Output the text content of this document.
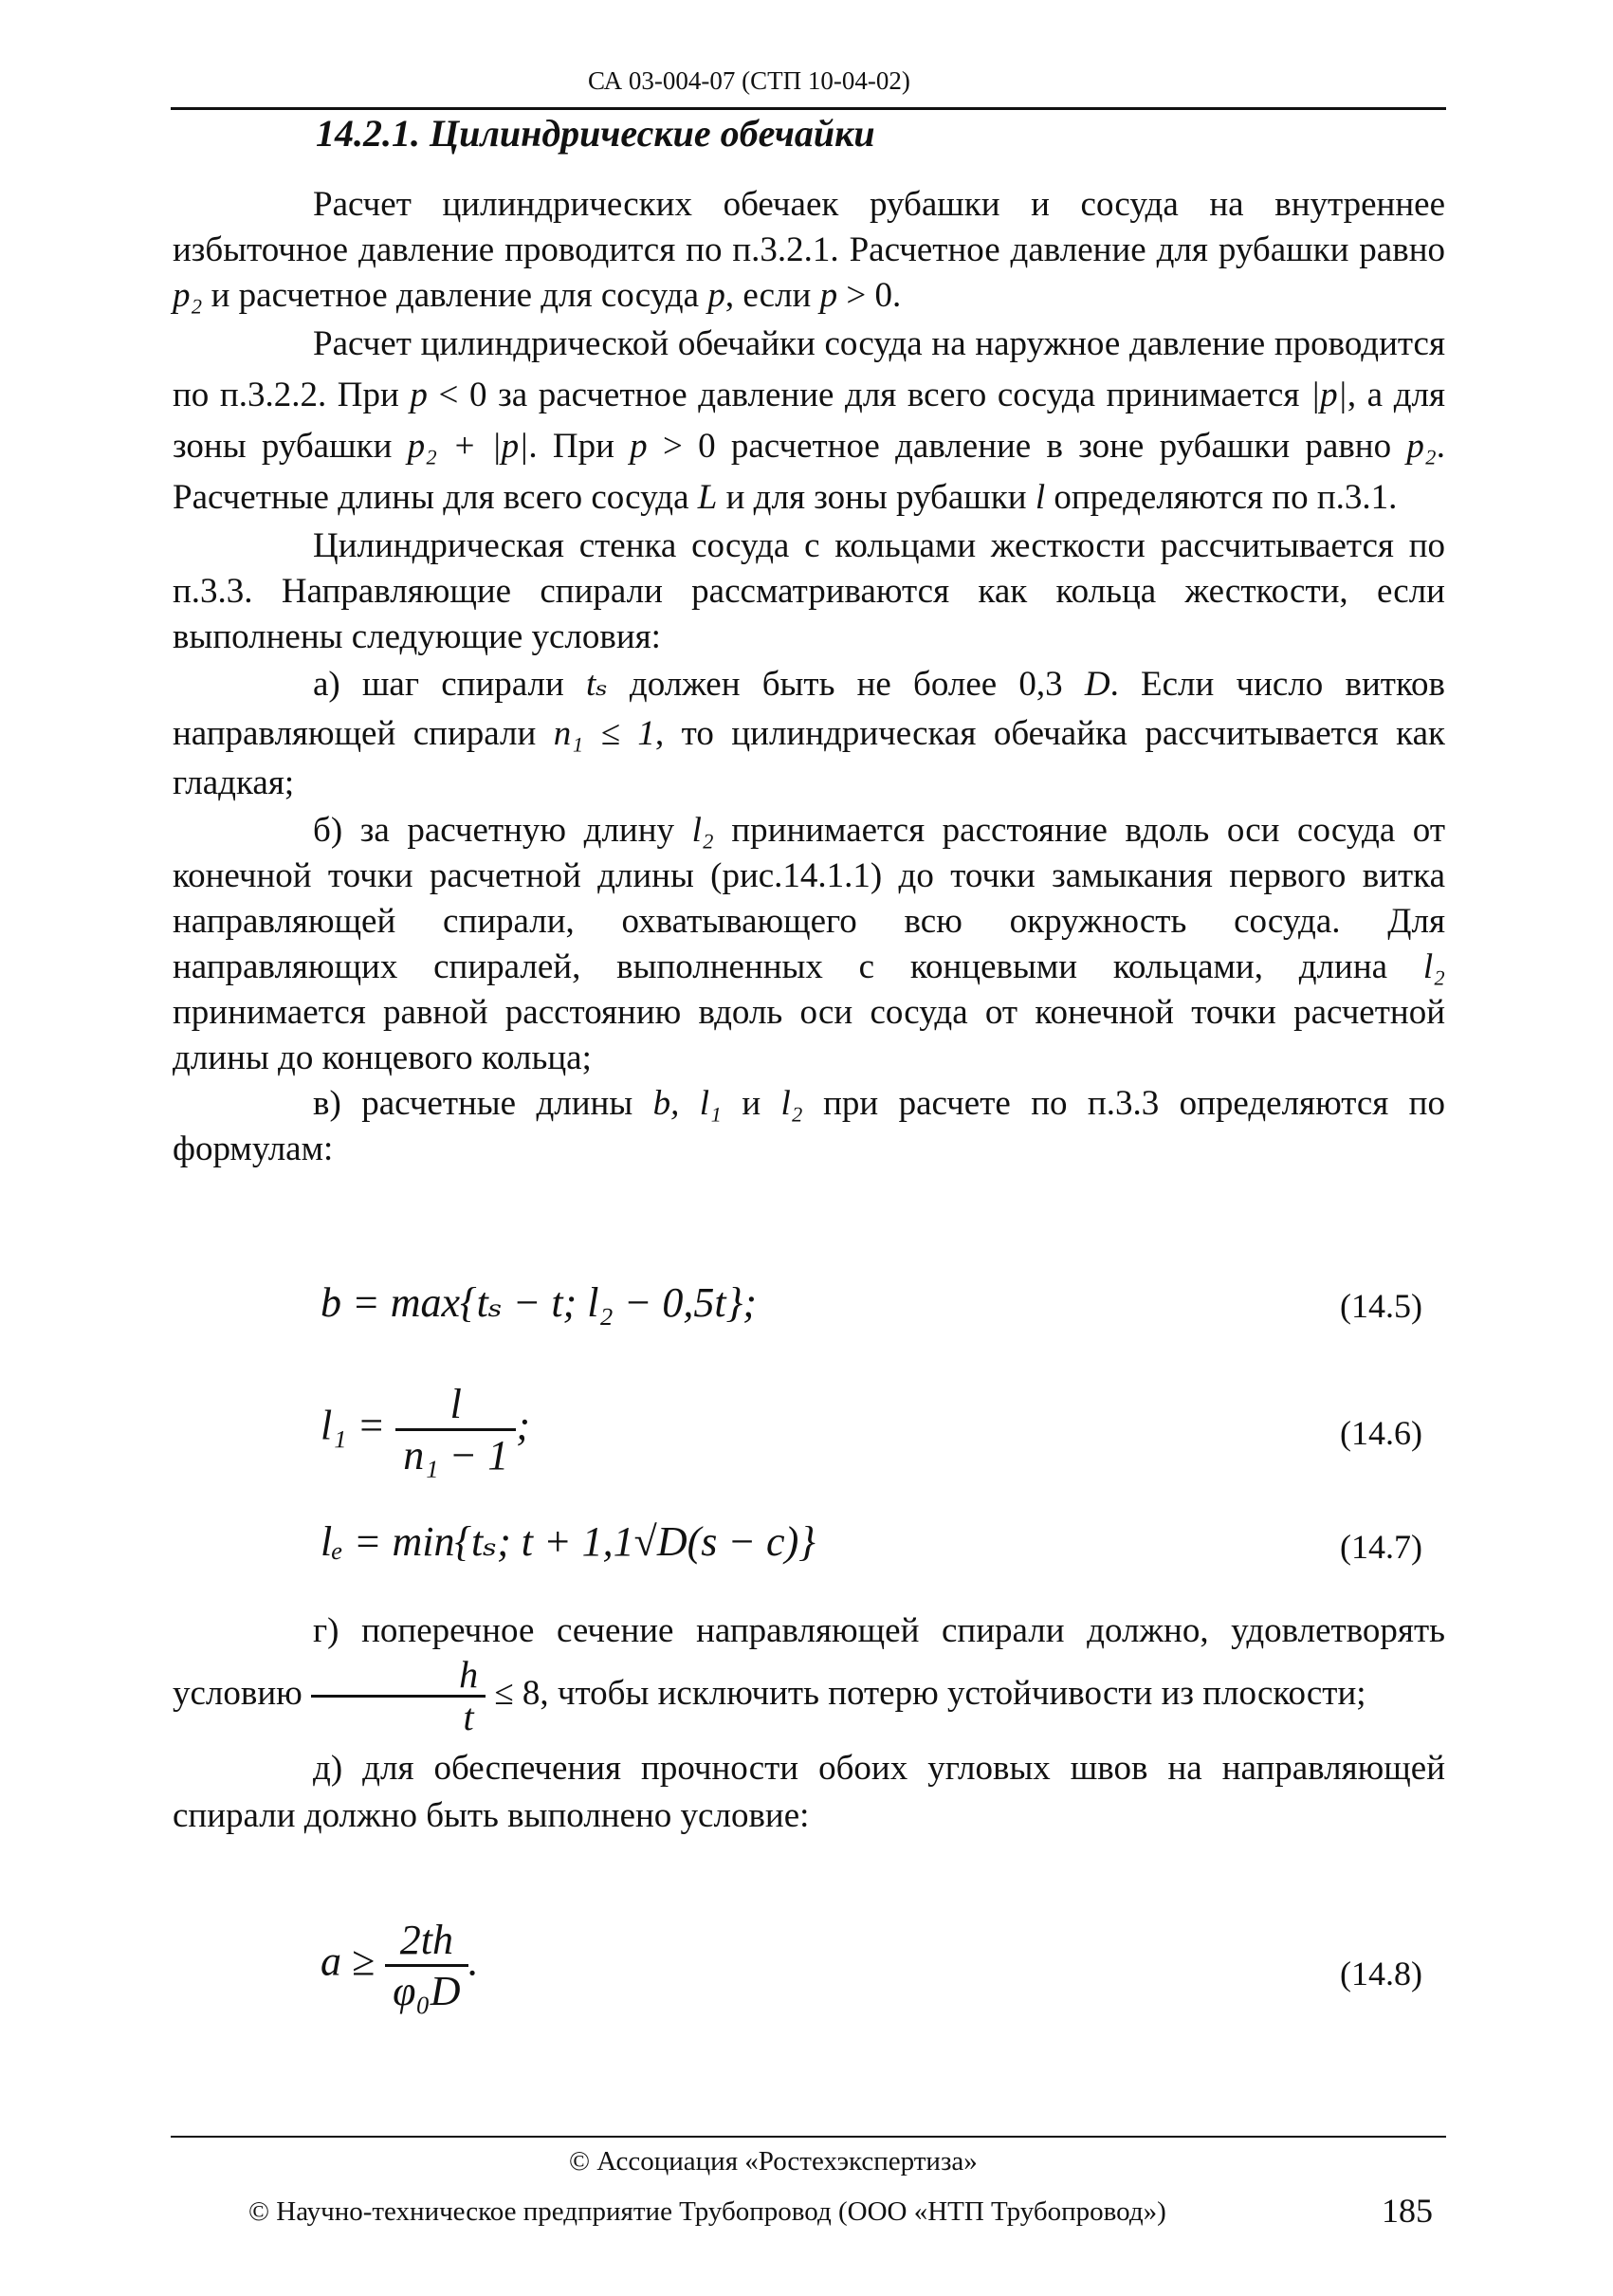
СА 03-004-07 (СТП 10-04-02)
14.2.1. Цилиндрические обечайки

Расчет цилиндрических обечаек рубашки и сосуда на внутреннее избыточное давление проводится по п.3.2.1. Расчетное давление для рубашки равно p₂ и расчетное давление для сосуда p, если p > 0.

Расчет цилиндрической обечайки сосуда на наружное давление проводится по п.3.2.2. При p < 0 за расчетное давление для всего сосуда принимается |p|, а для зоны рубашки p₂ + |p|. При p > 0 расчетное давление в зоне рубашки равно p₂. Расчетные длины для всего сосуда L и для зоны рубашки l определяются по п.3.1.

Цилиндрическая стенка сосуда с кольцами жесткости рассчитывается по п.3.3. Направляющие спирали рассматриваются как кольца жесткости, если выполнены следующие условия:

а) шаг спирали tₛ должен быть не более 0,3 D. Если число витков направляющей спирали n₁ ≤ 1, то цилиндрическая обечайка рассчитывается как гладкая;

б) за расчетную длину l₂ принимается расстояние вдоль оси сосуда от конечной точки расчетной длины (рис.14.1.1) до точки замыкания первого витка направляющей спирали, охватывающего всю окружность сосуда. Для направляющих спиралей, выполненных с концевыми кольцами, длина l₂ принимается равной расстоянию вдоль оси сосуда от конечной точки расчетной длины до концевого кольца;

в) расчетные длины b, l₁ и l₂ при расчете по п.3.3 определяются по формулам:

b = max{tₛ − t; l₂ − 0,5t};	(14.5)
$l_1 = \frac{l}{\text{n₁ − 1}}$ ;	(14.6)
lₑ = min{tₛ; t + 1,1√D(s − c)}	(14.7)

г) поперечное сечение направляющей спирали должно, удовлетворять условию $\frac{h}{t} \le 8$, чтобы исключить потерю устойчивости из плоскости;

д) для обеспечения прочности обоих угловых швов на направляющей спирали должно быть выполнено условие:

$a \ge \frac{2th}{\text{φ₀D}}$ .	(14.8)
© Ассоциация «Ростехэкспертиза»
© Научно-техническое предприятие Трубопровод (ООО «НТП Трубопровод»)	185
